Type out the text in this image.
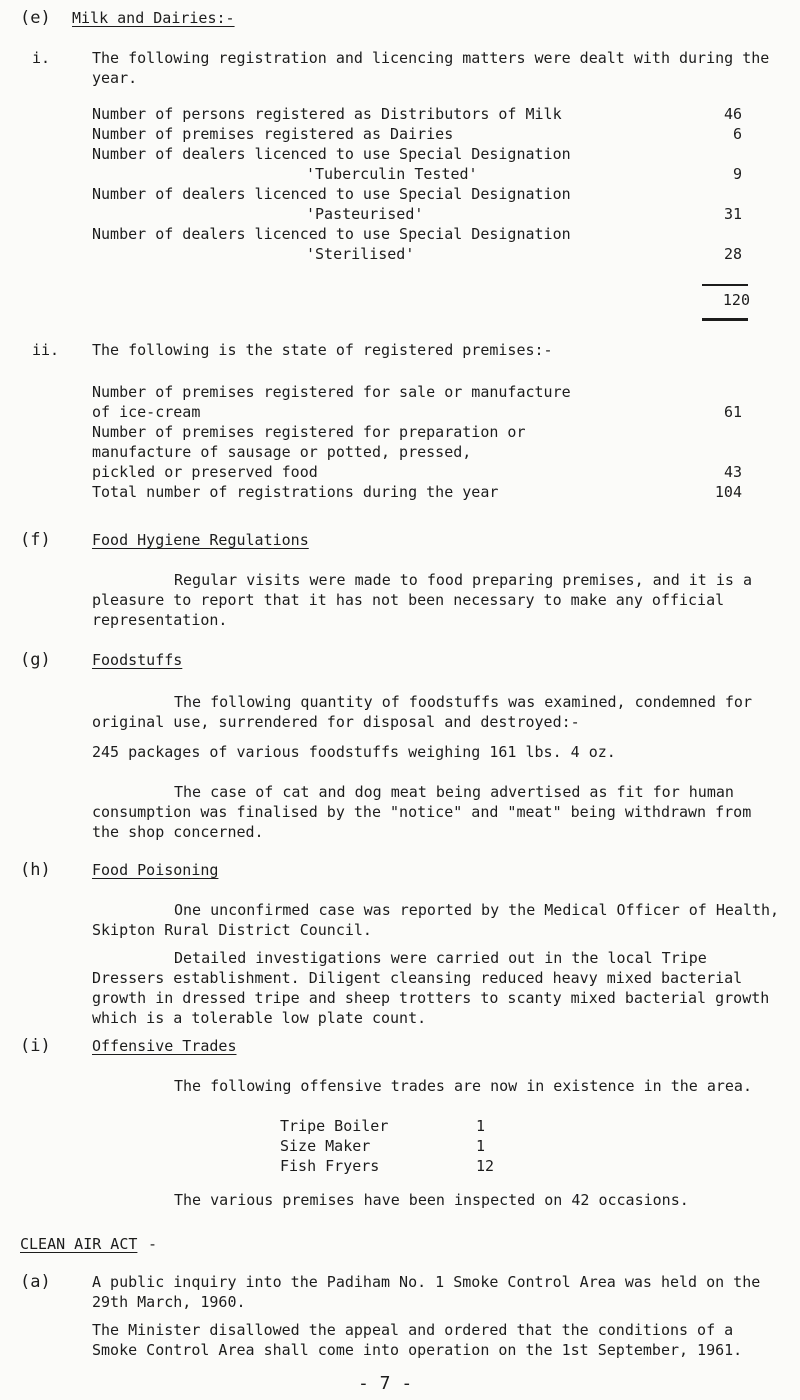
(e) Milk and Dairies:-
i.	The following registration and licencing matters were dealt with during the year.
Number of persons registered as Distributors of Milk	46
Number of premises registered as Dairies	6
Number of dealers licenced to use Special Designation
'Tuberculin Tested'	9
Number of dealers licenced to use Special Designation
'Pasteurised'	31
Number of dealers licenced to use Special Designation
'Sterilised'	28
120
ii. The following is the state of registered premises:-
Number of premises registered for sale or manufacture
of ice-cream	61
Number of premises registered for preparation or
manufacture of sausage or potted, pressed,
pickled or preserved food	43
Total number of registrations during the year	104
(f)	Food Hygiene Regulations
Regular visits were made to food preparing premises, and it is a pleasure to report that it has not been necessary to make any official representation.
(g)	Foodstuffs
The following quantity of foodstuffs was examined, condemned for original use, surrendered for disposal and destroyed:-
245 packages of various foodstuffs weighing 161 lbs. 4 oz.
The case of cat and dog meat being advertised as fit for human consumption was finalised by the "notice" and "meat" being withdrawn from the shop concerned.
(h)	Food Poisoning
One unconfirmed case was reported by the Medical Officer of Health, Skipton Rural District Council.
Detailed investigations were carried out in the local Tripe Dressers establishment. Diligent cleansing reduced heavy mixed bacterial growth in dressed tripe and sheep trotters to scanty mixed bacterial growth which is a tolerable low plate count.
(i)	Offensive Trades
The following offensive trades are now in existence in the area.
Tripe Boiler	1
Size Maker	1
Fish Fryers	12
The various premises have been inspected on 42 occasions.
CLEAN AIR ACT -
(a)	A public inquiry into the Padiham No. 1 Smoke Control Area was held on the 29th March, 1960.
The Minister disallowed the appeal and ordered that the conditions of a Smoke Control Area shall come into operation on the 1st September, 1961.
- 7 -
